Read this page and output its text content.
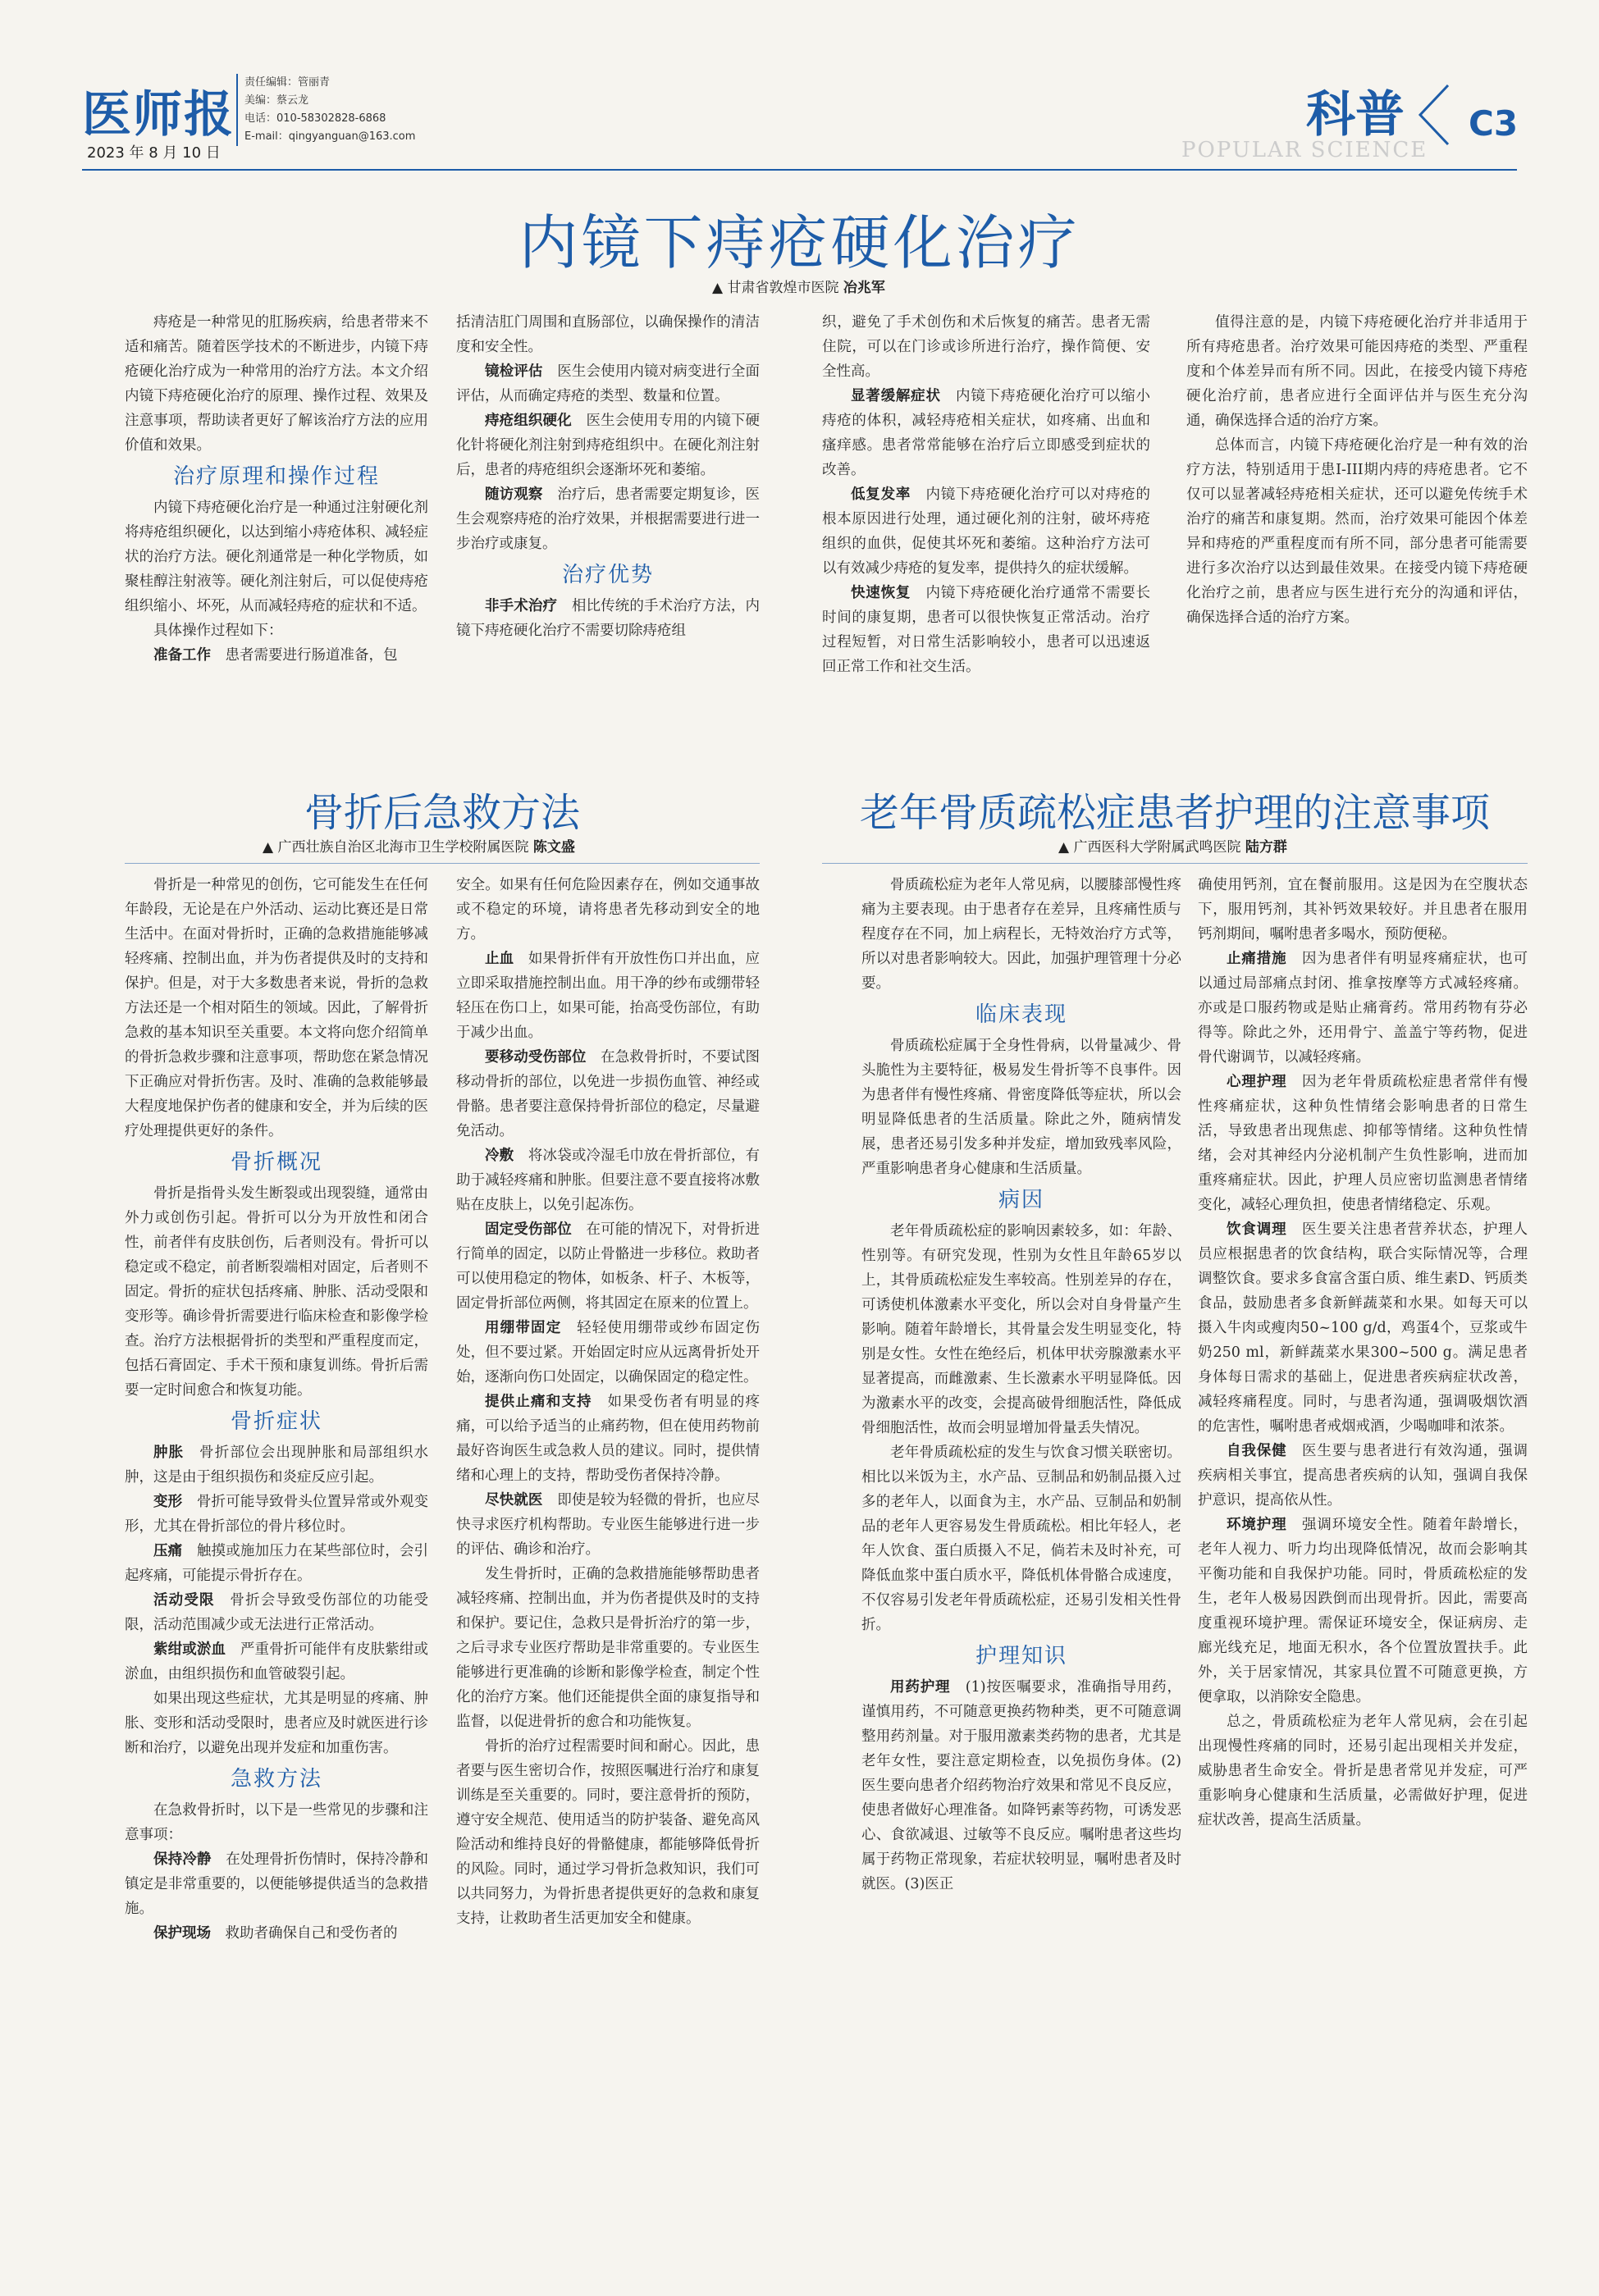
医师报
2023 年 8 月 10 日
责任编辑：管丽青
美编：蔡云龙
电话：010-58302828-6868
E-mail：qingyanguan@163.com	科普
POPULAR SCIENCE
C3
内镜下痔疮硬化治疗
▲ 甘肃省敦煌市医院 冶兆军

痔疮是一种常见的肛肠疾病，给患者带来不适和痛苦。随着医学技术的不断进步，内镜下痔疮硬化治疗成为一种常用的治疗方法。本文介绍内镜下痔疮硬化治疗的原理、操作过程、效果及注意事项，帮助读者更好了解该治疗方法的应用价值和效果。

治疗原理和操作过程

内镜下痔疮硬化治疗是一种通过注射硬化剂将痔疮组织硬化，以达到缩小痔疮体积、减轻症状的治疗方法。硬化剂通常是一种化学物质，如聚桂醇注射液等。硬化剂注射后，可以促使痔疮组织缩小、坏死，从而减轻痔疮的症状和不适。

具体操作过程如下：

准备工作　 患者需要进行肠道准备，包

括清洁肛门周围和直肠部位，以确保操作的清洁度和安全性。

镜检评估　 医生会使用内镜对病变进行全面评估，从而确定痔疮的类型、数量和位置。

痔疮组织硬化　 医生会使用专用的内镜下硬化针将硬化剂注射到痔疮组织中。在硬化剂注射后，患者的痔疮组织会逐渐坏死和萎缩。

随访观察　 治疗后，患者需要定期复诊，医生会观察痔疮的治疗效果，并根据需要进行进一步治疗或康复。

治疗优势

非手术治疗　 相比传统的手术治疗方法，内镜下痔疮硬化治疗不需要切除痔疮组

织，避免了手术创伤和术后恢复的痛苦。患者无需住院，可以在门诊或诊所进行治疗，操作简便、安全性高。

显著缓解症状　 内镜下痔疮硬化治疗可以缩小痔疮的体积，减轻痔疮相关症状，如疼痛、出血和瘙痒感。患者常常能够在治疗后立即感受到症状的改善。

低复发率　 内镜下痔疮硬化治疗可以对痔疮的根本原因进行处理，通过硬化剂的注射，破坏痔疮组织的血供，促使其坏死和萎缩。这种治疗方法可以有效减少痔疮的复发率，提供持久的症状缓解。

快速恢复　 内镜下痔疮硬化治疗通常不需要长时间的康复期，患者可以很快恢复正常活动。治疗过程短暂，对日常生活影响较小，患者可以迅速返回正常工作和社交生活。

值得注意的是，内镜下痔疮硬化治疗并非适用于所有痔疮患者。治疗效果可能因痔疮的类型、严重程度和个体差异而有所不同。因此，在接受内镜下痔疮硬化治疗前，患者应进行全面评估并与医生充分沟通，确保选择合适的治疗方案。

总体而言，内镜下痔疮硬化治疗是一种有效的治疗方法，特别适用于患I-III期内痔的痔疮患者。它不仅可以显著减轻痔疮相关症状，还可以避免传统手术治疗的痛苦和康复期。然而，治疗效果可能因个体差异和痔疮的严重程度而有所不同，部分患者可能需要进行多次治疗以达到最佳效果。在接受内镜下痔疮硬化治疗之前，患者应与医生进行充分的沟通和评估，确保选择合适的治疗方案。

骨折后急救方法
▲ 广西壮族自治区北海市卫生学校附属医院 陈文盛

骨折是一种常见的创伤，它可能发生在任何年龄段，无论是在户外活动、运动比赛还是日常生活中。在面对骨折时，正确的急救措施能够减轻疼痛、控制出血，并为伤者提供及时的支持和保护。但是，对于大多数患者来说，骨折的急救方法还是一个相对陌生的领域。因此，了解骨折急救的基本知识至关重要。本文将向您介绍简单的骨折急救步骤和注意事项，帮助您在紧急情况下正确应对骨折伤害。及时、准确的急救能够最大程度地保护伤者的健康和安全，并为后续的医疗处理提供更好的条件。

骨折概况

骨折是指骨头发生断裂或出现裂缝，通常由外力或创伤引起。骨折可以分为开放性和闭合性，前者伴有皮肤创伤，后者则没有。骨折可以稳定或不稳定，前者断裂端相对固定，后者则不固定。骨折的症状包括疼痛、肿胀、活动受限和变形等。确诊骨折需要进行临床检查和影像学检查。治疗方法根据骨折的类型和严重程度而定，包括石膏固定、手术干预和康复训练。骨折后需要一定时间愈合和恢复功能。

骨折症状

肿胀　 骨折部位会出现肿胀和局部组织水肿，这是由于组织损伤和炎症反应引起。

变形　 骨折可能导致骨头位置异常或外观变形，尤其在骨折部位的骨片移位时。

压痛　 触摸或施加压力在某些部位时，会引起疼痛，可能提示骨折存在。

活动受限　 骨折会导致受伤部位的功能受限，活动范围减少或无法进行正常活动。

紫绀或淤血　 严重骨折可能伴有皮肤紫绀或淤血，由组织损伤和血管破裂引起。

如果出现这些症状，尤其是明显的疼痛、肿胀、变形和活动受限时，患者应及时就医进行诊断和治疗，以避免出现并发症和加重伤害。

急救方法

在急救骨折时，以下是一些常见的步骤和注意事项：

保持冷静　 在处理骨折伤情时，保持冷静和镇定是非常重要的，以便能够提供适当的急救措施。

保护现场　 救助者确保自己和受伤者的

安全。如果有任何危险因素存在，例如交通事故或不稳定的环境，请将患者先移动到安全的地方。

止血　 如果骨折伴有开放性伤口并出血，应立即采取措施控制出血。用干净的纱布或绷带轻轻压在伤口上，如果可能，抬高受伤部位，有助于减少出血。

要移动受伤部位　 在急救骨折时，不要试图移动骨折的部位，以免进一步损伤血管、神经或骨骼。患者要注意保持骨折部位的稳定，尽量避免活动。

冷敷　 将冰袋或冷湿毛巾放在骨折部位，有助于减轻疼痛和肿胀。但要注意不要直接将冰敷贴在皮肤上，以免引起冻伤。

固定受伤部位　 在可能的情况下，对骨折进行简单的固定，以防止骨骼进一步移位。救助者可以使用稳定的物体，如板条、杆子、木板等，固定骨折部位两侧，将其固定在原来的位置上。

用绷带固定　 轻轻使用绷带或纱布固定伤处，但不要过紧。开始固定时应从远离骨折处开始，逐渐向伤口处固定，以确保固定的稳定性。

提供止痛和支持　 如果受伤者有明显的疼痛，可以给予适当的止痛药物，但在使用药物前最好咨询医生或急救人员的建议。同时，提供情绪和心理上的支持，帮助受伤者保持冷静。

尽快就医　 即使是较为轻微的骨折，也应尽快寻求医疗机构帮助。专业医生能够进行进一步的评估、确诊和治疗。

发生骨折时，正确的急救措施能够帮助患者减轻疼痛、控制出血，并为伤者提供及时的支持和保护。要记住，急救只是骨折治疗的第一步，之后寻求专业医疗帮助是非常重要的。专业医生能够进行更准确的诊断和影像学检查，制定个性化的治疗方案。他们还能提供全面的康复指导和监督，以促进骨折的愈合和功能恢复。

骨折的治疗过程需要时间和耐心。因此，患者要与医生密切合作，按照医嘱进行治疗和康复训练是至关重要的。同时，要注意骨折的预防，遵守安全规范、使用适当的防护装备、避免高风险活动和维持良好的骨骼健康，都能够降低骨折的风险。同时，通过学习骨折急救知识，我们可以共同努力，为骨折患者提供更好的急救和康复支持，让救助者生活更加安全和健康。

老年骨质疏松症患者护理的注意事项
▲ 广西医科大学附属武鸣医院 陆方群

骨质疏松症为老年人常见病，以腰膝部慢性疼痛为主要表现。由于患者存在差异，且疼痛性质与程度存在不同，加上病程长，无特效治疗方式等，所以对患者影响较大。因此，加强护理管理十分必要。

临床表现

骨质疏松症属于全身性骨病，以骨量减少、骨头脆性为主要特征，极易发生骨折等不良事件。因为患者伴有慢性疼痛、骨密度降低等症状，所以会明显降低患者的生活质量。除此之外，随病情发展，患者还易引发多种并发症，增加致残率风险，严重影响患者身心健康和生活质量。

病因

老年骨质疏松症的影响因素较多，如：年龄、性别等。有研究发现，性别为女性且年龄65岁以上，其骨质疏松症发生率较高。性别差异的存在，可诱使机体激素水平变化，所以会对自身骨量产生影响。随着年龄增长，其骨量会发生明显变化，特别是女性。女性在绝经后，机体甲状旁腺激素水平显著提高，而雌激素、生长激素水平明显降低。因为激素水平的改变，会提高破骨细胞活性，降低成骨细胞活性，故而会明显增加骨量丢失情况。

老年骨质疏松症的发生与饮食习惯关联密切。相比以米饭为主，水产品、豆制品和奶制品摄入过多的老年人，以面食为主，水产品、豆制品和奶制品的老年人更容易发生骨质疏松。相比年轻人，老年人饮食、蛋白质摄入不足，倘若未及时补充，可降低血浆中蛋白质水平，降低机体骨骼合成速度，不仅容易引发老年骨质疏松症，还易引发相关性骨折。

护理知识

用药护理　 (1)按医嘱要求，准确指导用药，谨慎用药，不可随意更换药物种类，更不可随意调整用药剂量。对于服用激素类药物的患者，尤其是老年女性，要注意定期检查，以免损伤身体。(2)医生要向患者介绍药物治疗效果和常见不良反应，使患者做好心理准备。如降钙素等药物，可诱发恶心、食欲减退、过敏等不良反应。嘱咐患者这些均属于药物正常现象，若症状较明显，嘱咐患者及时就医。(3)医正

确使用钙剂，宜在餐前服用。这是因为在空腹状态下，服用钙剂，其补钙效果较好。并且患者在服用钙剂期间，嘱咐患者多喝水，预防便秘。

止痛措施　 因为患者伴有明显疼痛症状，也可以通过局部痛点封闭、推拿按摩等方式减轻疼痛。亦或是口服药物或是贴止痛膏药。常用药物有芬必得等。除此之外，还用骨宁、盖盖宁等药物，促进骨代谢调节，以减轻疼痛。

心理护理　 因为老年骨质疏松症患者常伴有慢性疼痛症状，这种负性情绪会影响患者的日常生活，导致患者出现焦虑、抑郁等情绪。这种负性情绪，会对其神经内分泌机制产生负性影响，进而加重疼痛症状。因此，护理人员应密切监测患者情绪变化，减轻心理负担，使患者情绪稳定、乐观。

饮食调理　 医生要关注患者营养状态，护理人员应根据患者的饮食结构，联合实际情况等，合理调整饮食。要求多食富含蛋白质、维生素D、钙质类食品，鼓励患者多食新鲜蔬菜和水果。如每天可以摄入牛肉或瘦肉50~100 g/d，鸡蛋4个，豆浆或牛奶250 ml，新鲜蔬菜水果300~500 g。满足患者身体每日需求的基础上，促进患者疾病症状改善，减轻疼痛程度。同时，与患者沟通，强调吸烟饮酒的危害性，嘱咐患者戒烟戒酒，少喝咖啡和浓茶。

自我保健　 医生要与患者进行有效沟通，强调疾病相关事宜，提高患者疾病的认知，强调自我保护意识，提高依从性。

环境护理　 强调环境安全性。随着年龄增长，老年人视力、听力均出现降低情况，故而会影响其平衡功能和自我保护功能。同时，骨质疏松症的发生，老年人极易因跌倒而出现骨折。因此，需要高度重视环境护理。需保证环境安全，保证病房、走廊光线充足，地面无积水，各个位置放置扶手。此外，关于居家情况，其家具位置不可随意更换，方便拿取，以消除安全隐患。

总之，骨质疏松症为老年人常见病，会在引起出现慢性疼痛的同时，还易引起出现相关并发症，威胁患者生命安全。骨折是患者常见并发症，可严重影响身心健康和生活质量，必需做好护理，促进症状改善，提高生活质量。
